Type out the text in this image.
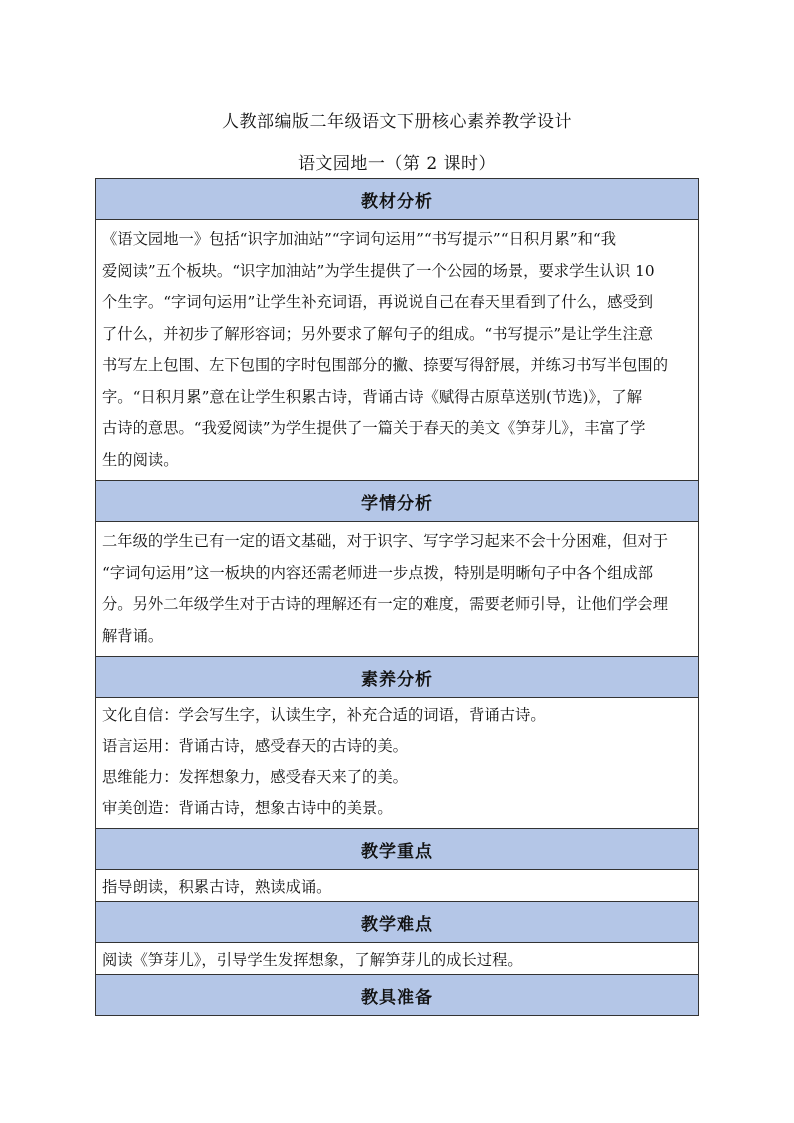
人教部编版二年级语文下册核心素养教学设计
语文园地一（第 2 课时）
教材分析

《语文园地一》包括“识字加油站”“字词句运用”“书写提示”“日积月累”和“我
爱阅读”五个板块。“识字加油站”为学生提供了一个公园的场景，要求学生认识 10
个生字。“字词句运用”让学生补充词语，再说说自己在春天里看到了什么，感受到
了什么，并初步了解形容词；另外要求了解句子的组成。“书写提示”是让学生注意
书写左上包围、左下包围的字时包围部分的撇、捺要写得舒展，并练习书写半包围的
字。“日积月累”意在让学生积累古诗，背诵古诗《赋得古原草送别(节选)》，了解
古诗的意思。“我爱阅读”为学生提供了一篇关于春天的美文《笋芽儿》，丰富了学
生的阅读。

学情分析

二年级的学生已有一定的语文基础，对于识字、写字学习起来不会十分困难，但对于
“字词句运用”这一板块的内容还需老师进一步点拨，特别是明晰句子中各个组成部
分。另外二年级学生对于古诗的理解还有一定的难度，需要老师引导，让他们学会理
解背诵。

素养分析

文化自信：学会写生字，认读生字，补充合适的词语，背诵古诗。
语言运用：背诵古诗，感受春天的古诗的美。
思维能力：发挥想象力，感受春天来了的美。
审美创造：背诵古诗，想象古诗中的美景。

教学重点
指导朗读，积累古诗，熟读成诵。
教学难点
阅读《笋芽儿》，引导学生发挥想象，了解笋芽儿的成长过程。
教具准备
